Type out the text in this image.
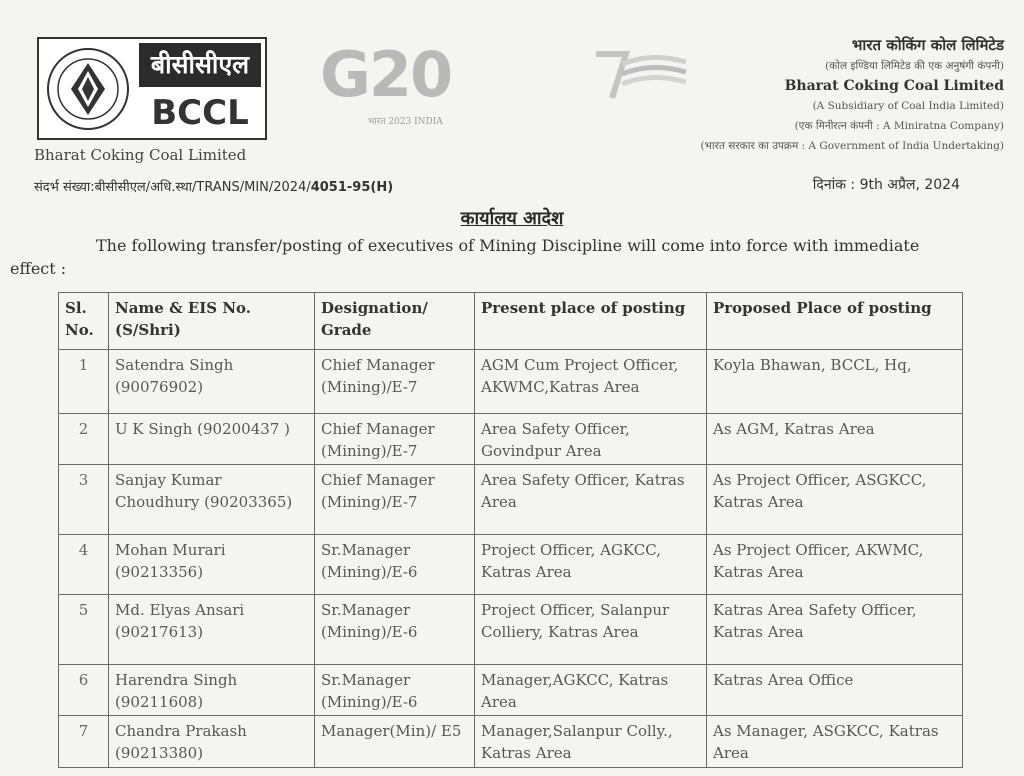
बीसीसीएल
BCCL
Bharat Coking Coal Limited
G20
भारत 2023 INDIA
भारत कोकिंग कोल लिमिटेड
(कोल इण्डिया लिमिटेड की एक अनुषंगी कंपनी)
Bharat Coking Coal Limited
(A Subsidiary of Coal India Limited)
(एक मिनीरत्न कंपनी : A Miniratna Company)
(भारत सरकार का उपक्रम : A Government of India Undertaking)
संदर्भ संख्या:बीसीसीएल/अधि.स्था/TRANS/MIN/2024/4051-95(H)	दिनांक : 9th अप्रैल, 2024
कार्यालय आदेश
The following transfer/posting of executives of Mining Discipline will come into force with immediate effect :
Sl. No.	Name & EIS No. (S/Shri)	Designation/ Grade	Present place of posting	Proposed Place of posting
1	Satendra Singh (90076902)	Chief Manager (Mining)/E-7	AGM Cum Project Officer, AKWMC,Katras Area	Koyla Bhawan, BCCL, Hq,
2	U K Singh (90200437 )	Chief Manager (Mining)/E-7	Area Safety Officer, Govindpur Area	As AGM, Katras Area
3	Sanjay Kumar Choudhury (90203365)	Chief Manager (Mining)/E-7	Area Safety Officer, Katras Area	As Project Officer, ASGKCC, Katras Area
4	Mohan Murari (90213356)	Sr.Manager (Mining)/E-6	Project Officer, AGKCC, Katras Area	As Project Officer, AKWMC, Katras Area
5	Md. Elyas Ansari (90217613)	Sr.Manager (Mining)/E-6	Project Officer, Salanpur Colliery, Katras Area	Katras Area Safety Officer, Katras Area
6	Harendra Singh (90211608)	Sr.Manager (Mining)/E-6	Manager,AGKCC, Katras Area	Katras Area Office
7	Chandra Prakash (90213380)	Manager(Min)/ E5	Manager,Salanpur Colly., Katras Area	As Manager, ASGKCC, Katras Area
